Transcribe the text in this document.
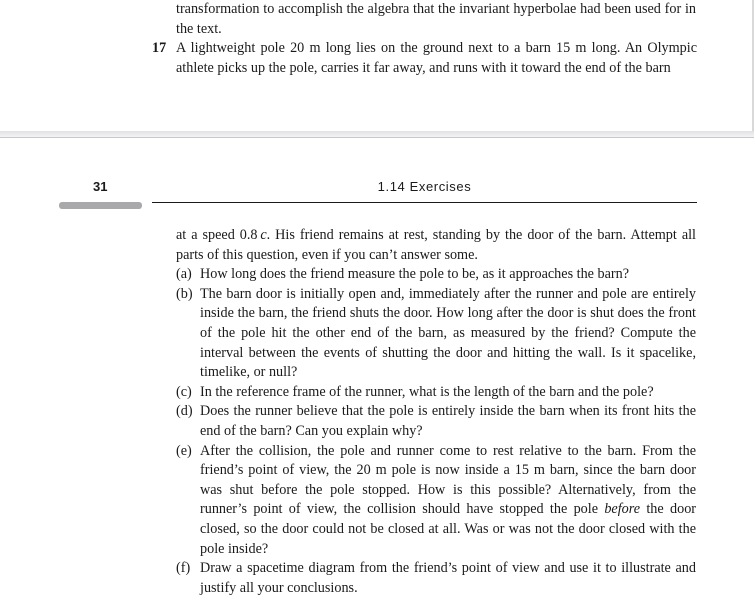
transformation to accomplish the algebra that the invariant hyperbolae had been used for in the text.
17 A lightweight pole 20 m long lies on the ground next to a barn 15 m long. An Olympic athlete picks up the pole, carries it far away, and runs with it toward the end of the barn
31	1.14 Exercises

at a speed 0.8  c. His friend remains at rest, standing by the door of the barn. Attempt all parts of this question, even if you can’t answer some.

(a) How long does the friend measure the pole to be, as it approaches the barn?
(b) The barn door is initially open and, immediately after the runner and pole are entirely inside the barn, the friend shuts the door. How long after the door is shut does the front of the pole hit the other end of the barn, as measured by the friend? Compute the interval between the events of shutting the door and hitting the wall. Is it spacelike, timelike, or null?
(c) In the reference frame of the runner, what is the length of the barn and the pole?
(d) Does the runner believe that the pole is entirely inside the barn when its front hits the end of the barn? Can you explain why?
(e) After the collision, the pole and runner come to rest relative to the barn. From the friend’s point of view, the 20 m pole is now inside a 15 m barn, since the barn door was shut before the pole stopped. How is this possible? Alternatively, from the runner’s point of view, the collision should have stopped the pole before the door closed, so the door could not be closed at all. Was or was not the door closed with the pole inside?
(f) Draw a spacetime diagram from the friend’s point of view and use it to illustrate and justify all your conclusions.
